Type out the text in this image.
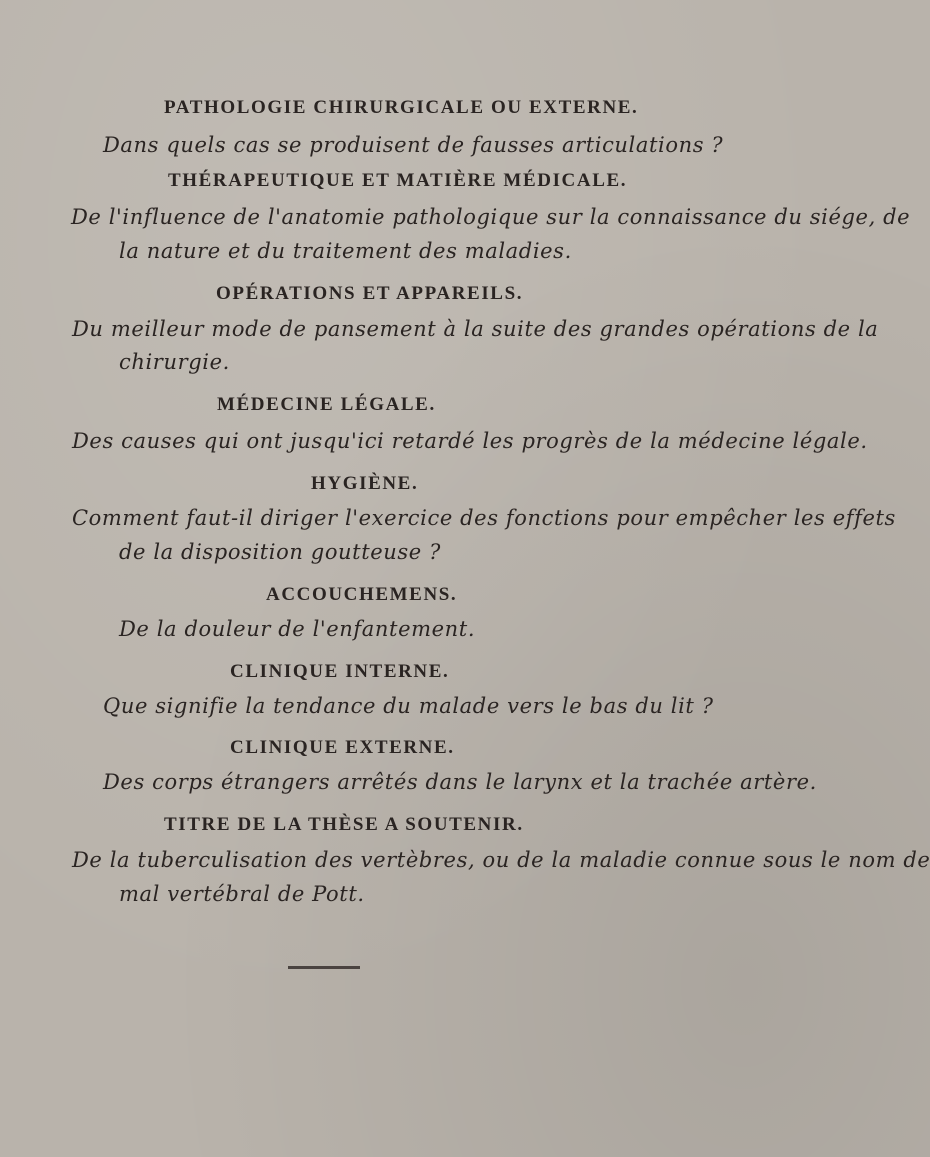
PATHOLOGIE CHIRURGICALE OU EXTERNE.
Dans quels cas se produisent de fausses articulations ?
THÉRAPEUTIQUE ET MATIÈRE MÉDICALE.
De l'influence de l'anatomie pathologique sur la connaissance du siége, de
la nature et du traitement des maladies.
OPÉRATIONS ET APPAREILS.
Du meilleur mode de pansement à la suite des grandes opérations de la
chirurgie.
MÉDECINE LÉGALE.
Des causes qui ont jusqu'ici retardé les progrès de la médecine légale.
HYGIÈNE.
Comment faut-il diriger l'exercice des fonctions pour empêcher les effets
de la disposition goutteuse ?
ACCOUCHEMENS.
De la douleur de l'enfantement.
CLINIQUE INTERNE.
Que signifie la tendance du malade vers le bas du lit ?
CLINIQUE EXTERNE.
Des corps étrangers arrêtés dans le larynx et la trachée artère.
TITRE DE LA THÈSE A SOUTENIR.
De la tuberculisation des vertèbres, ou de la maladie connue sous le nom de
mal vertébral de Pott.
